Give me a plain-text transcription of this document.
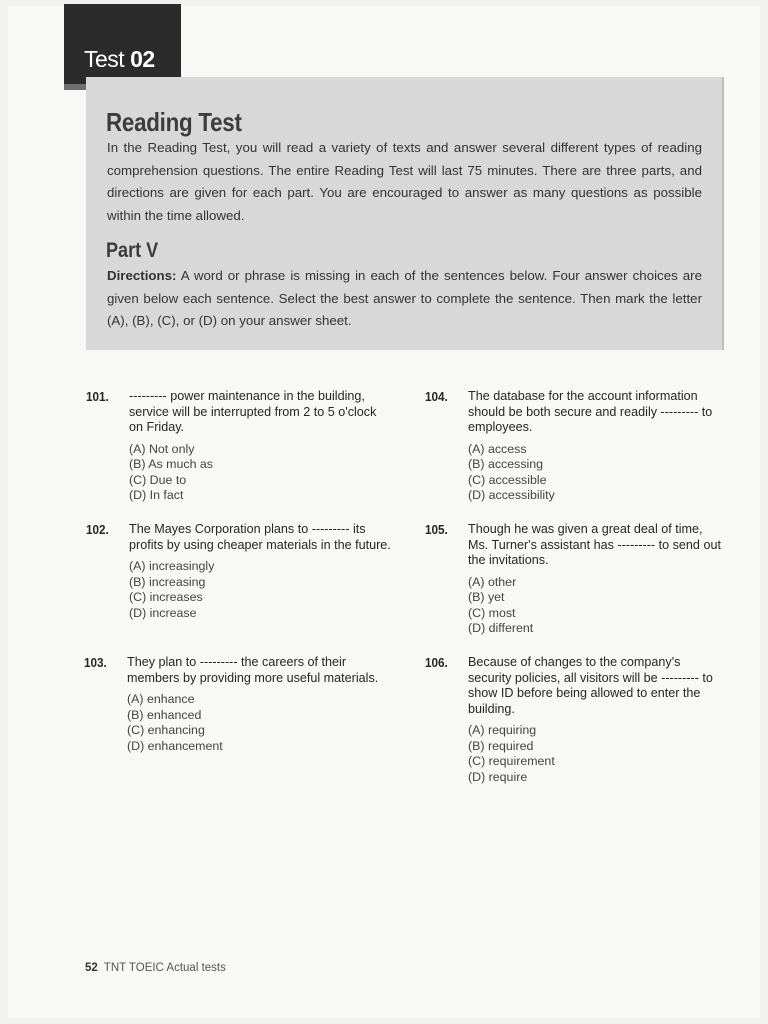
Test 02
Reading Test
In the Reading Test, you will read a variety of texts and answer several different types of reading comprehension questions. The entire Reading Test will last 75 minutes. There are three parts, and directions are given for each part. You are encouraged to answer as many questions as possible within the time allowed.
Part V
Directions: A word or phrase is missing in each of the sentences below. Four answer choices are given below each sentence. Select the best answer to complete the sentence. Then mark the letter (A), (B), (C), or (D) on your answer sheet.
101. --------- power maintenance in the building, service will be interrupted from 2 to 5 o'clock on Friday.
(A) Not only
(B) As much as
(C) Due to
(D) In fact
102. The Mayes Corporation plans to --------- its profits by using cheaper materials in the future.
(A) increasingly
(B) increasing
(C) increases
(D) increase
103. They plan to --------- the careers of their members by providing more useful materials.
(A) enhance
(B) enhanced
(C) enhancing
(D) enhancement
104. The database for the account information should be both secure and readily --------- to employees.
(A) access
(B) accessing
(C) accessible
(D) accessibility
105. Though he was given a great deal of time, Ms. Turner's assistant has --------- to send out the invitations.
(A) other
(B) yet
(C) most
(D) different
106. Because of changes to the company's security policies, all visitors will be --------- to show ID before being allowed to enter the building.
(A) requiring
(B) required
(C) requirement
(D) require
52 TNT TOEIC Actual tests
